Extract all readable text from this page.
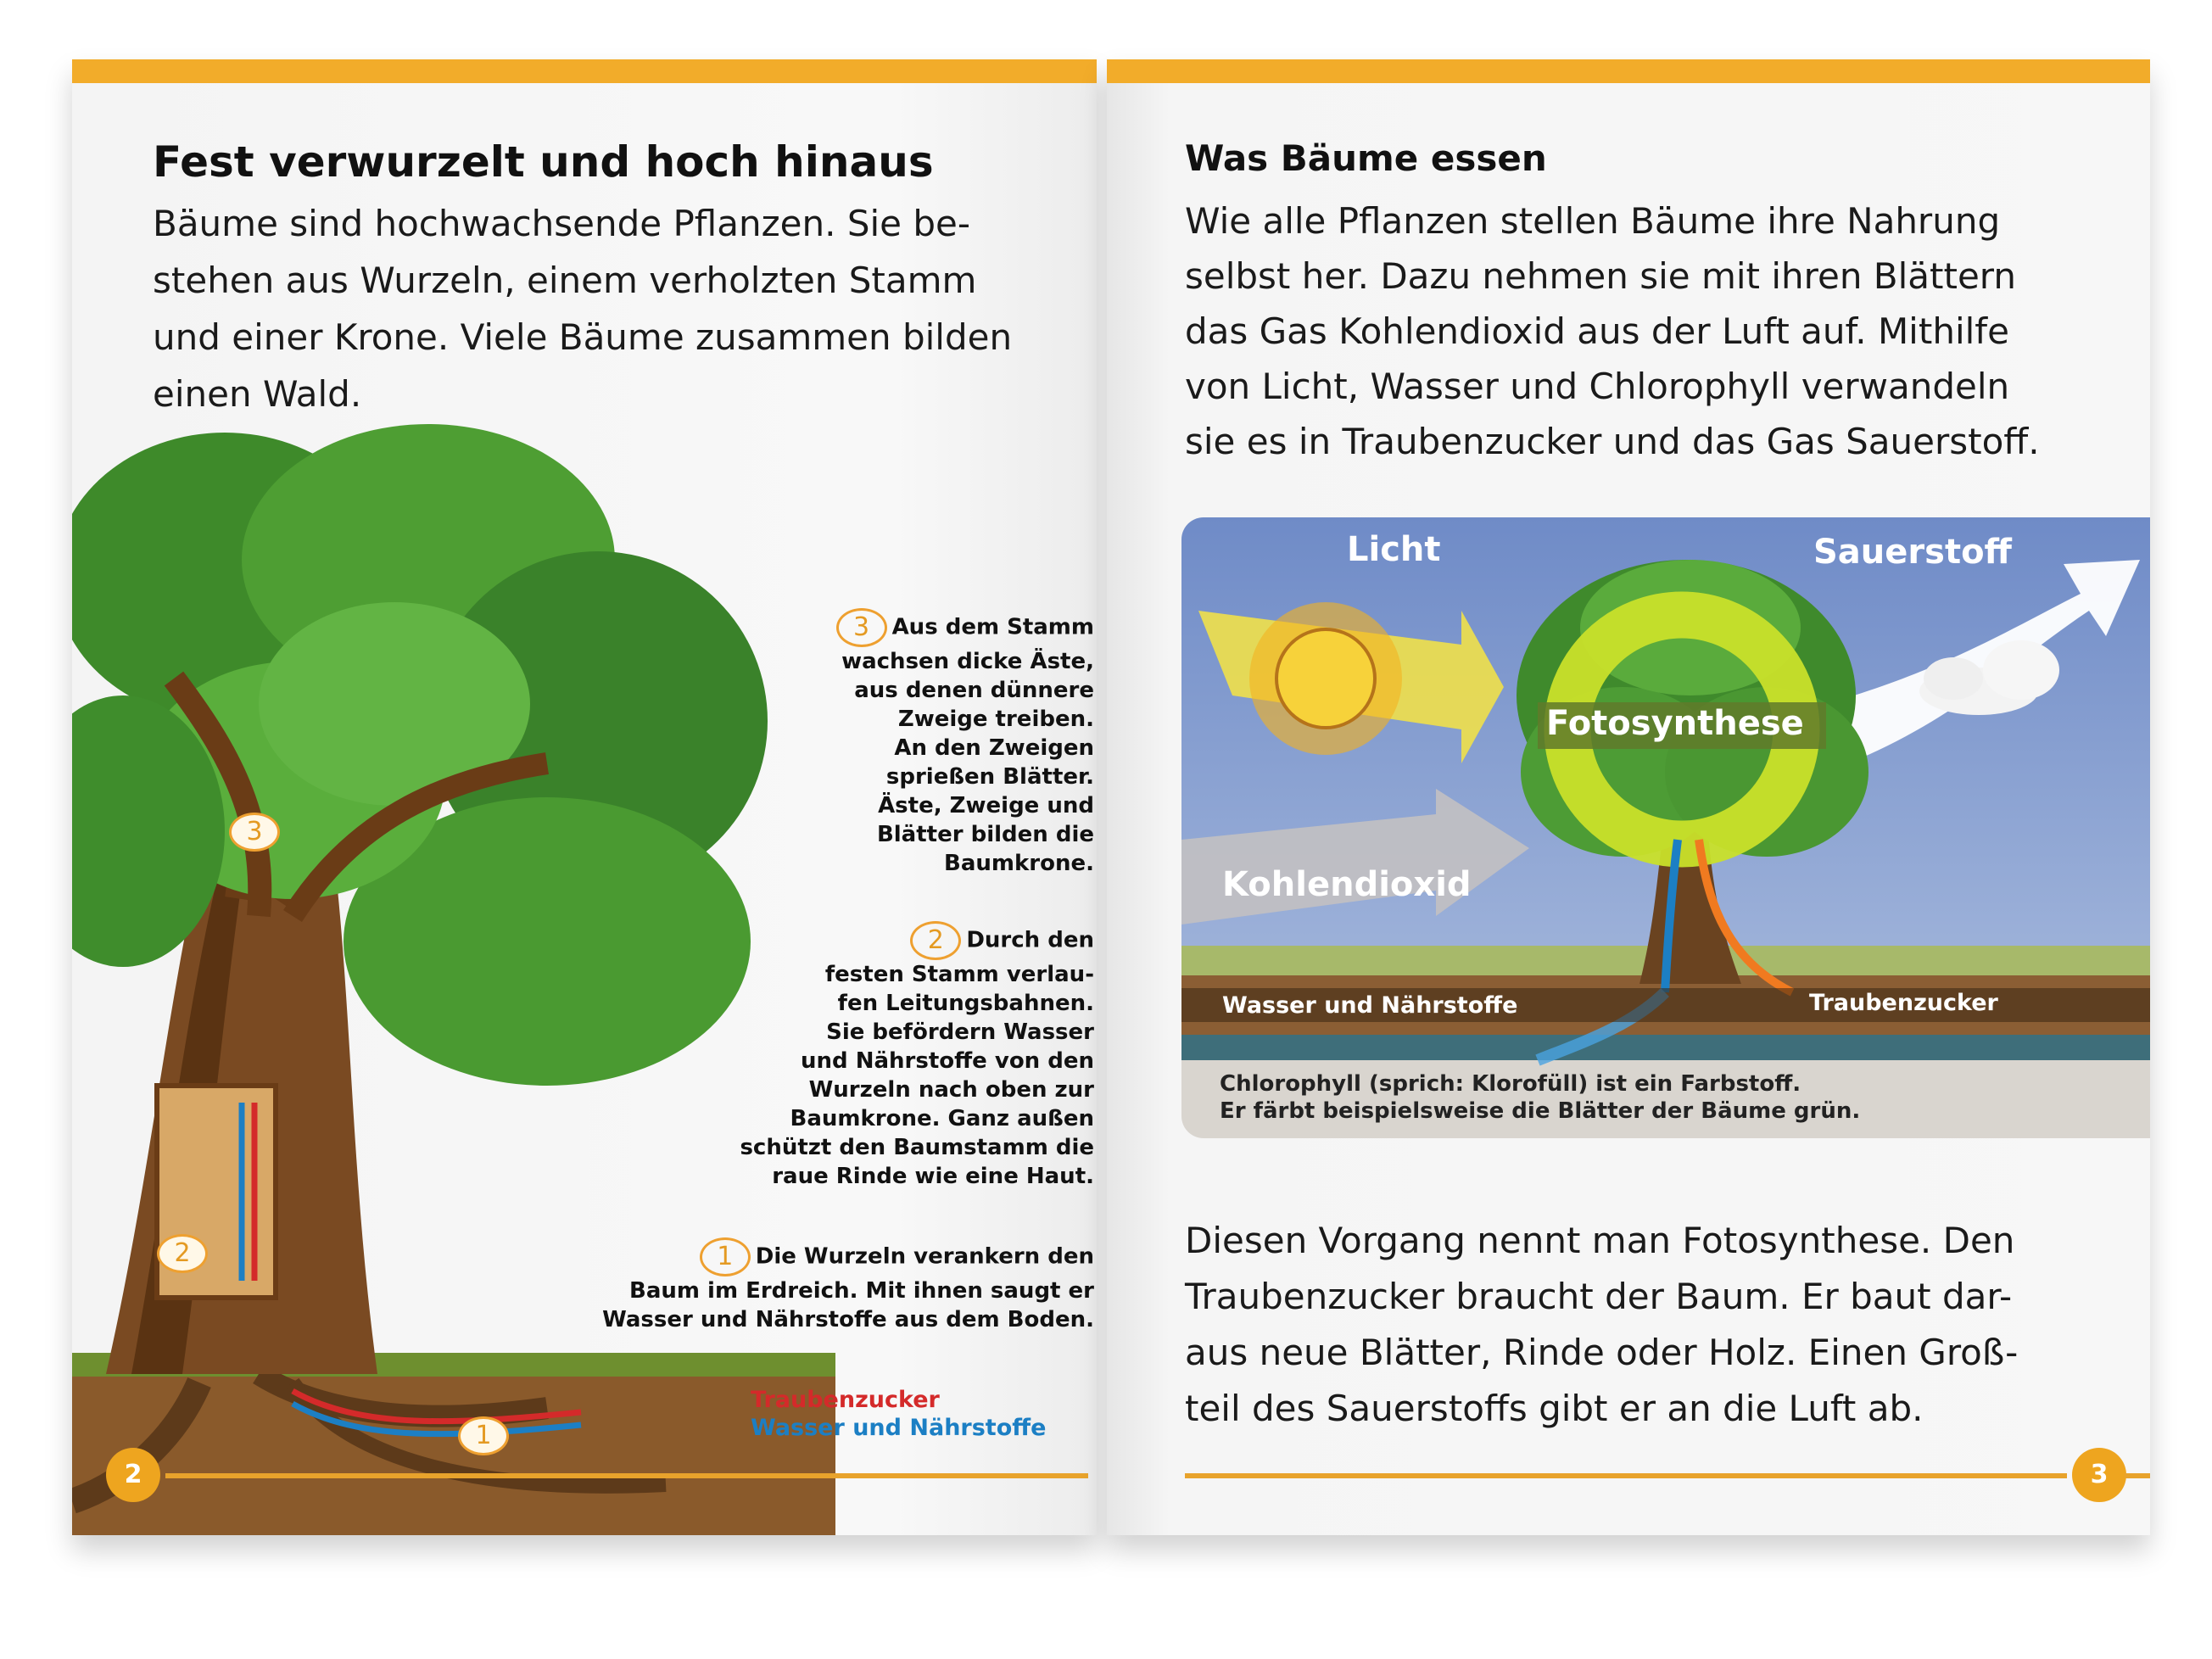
Fest verwurzelt und hoch hinaus
Bäume sind hochwachsende Pflanzen. Sie be-
stehen aus Wurzeln, einem verholzten Stamm
und einer Krone. Viele Bäume zusammen bilden
einen Wald.
3
2
1

3 Aus dem Stamm
wachsen dicke Äste,
aus denen dünnere
Zweige treiben.
An den Zweigen
sprießen Blätter.
Äste, Zweige und
Blätter bilden die
Baumkrone.

2 Durch den
festen Stamm verlau-
fen Leitungsbahnen.
Sie befördern Wasser
und Nährstoffe von den
Wurzeln nach oben zur
Baumkrone. Ganz außen
schützt den Baumstamm die
raue Rinde wie eine Haut.

1 Die Wurzeln verankern den
Baum im Erdreich. Mit ihnen saugt er
Wasser und Nährstoffe aus dem Boden.

Traubenzucker
Wasser und Nährstoffe
2
Was Bäume essen
Wie alle Pflanzen stellen Bäume ihre Nahrung
selbst her. Dazu nehmen sie mit ihren Blättern
das Gas Kohlendioxid aus der Luft auf. Mithilfe
von Licht, Wasser und Chlorophyll verwandeln
sie es in Traubenzucker und das Gas Sauerstoff.
Licht	Sauerstoff
Fotosynthese
Kohlendioxid
Wasser und Nährstoffe	Traubenzucker
Chlorophyll (sprich: Klorofüll) ist ein Farbstoff.
Er färbt beispielsweise die Blätter der Bäume grün.
Diesen Vorgang nennt man Fotosynthese. Den
Traubenzucker braucht der Baum. Er baut dar-
aus neue Blätter, Rinde oder Holz. Einen Groß-
teil des Sauerstoffs gibt er an die Luft ab.
3
